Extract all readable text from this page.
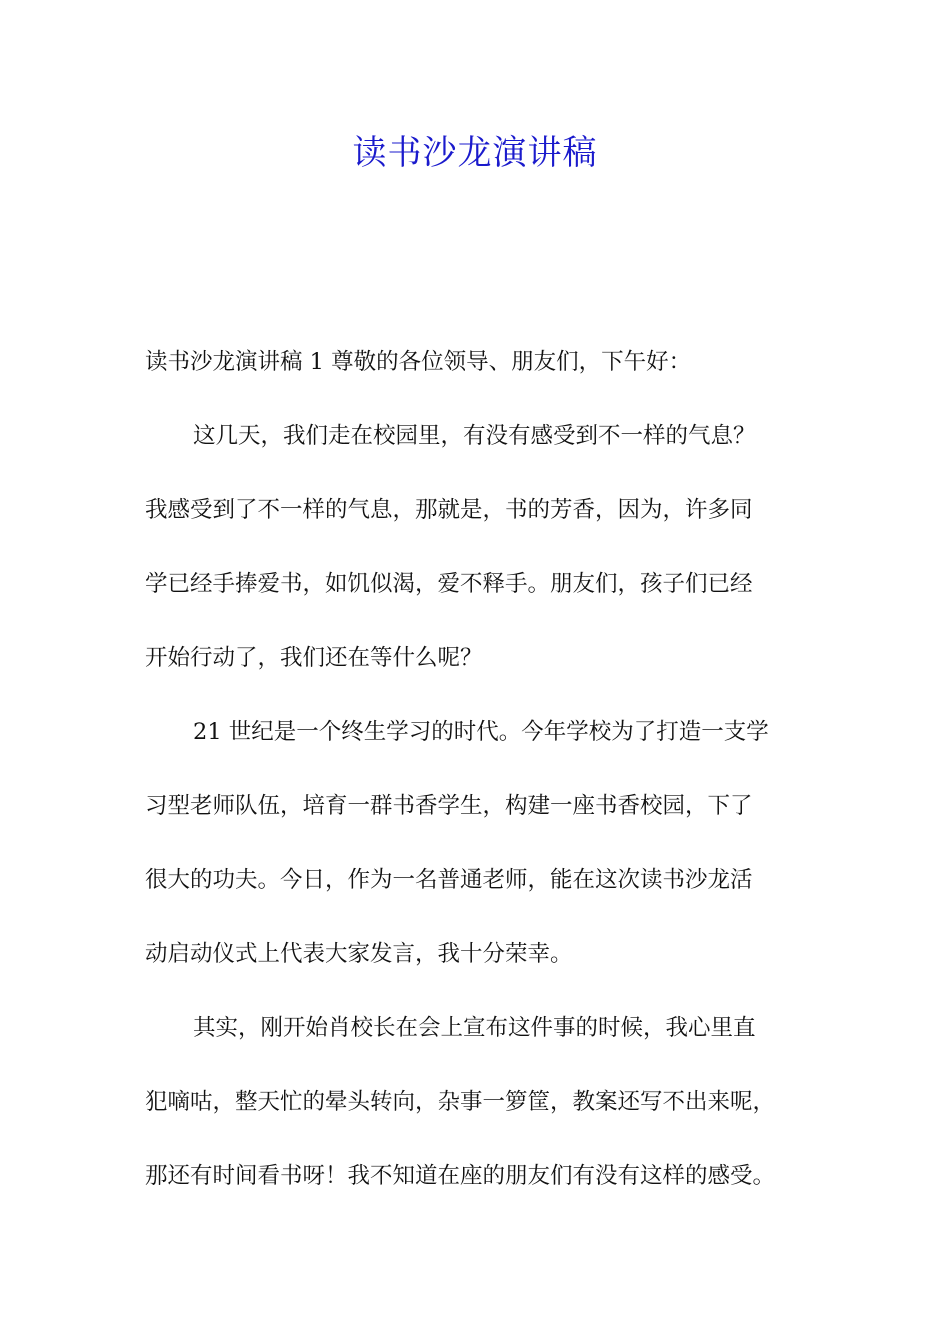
读书沙龙演讲稿
读书沙龙演讲稿 1 尊敬的各位领导、朋友们，下午好：
这几天，我们走在校园里，有没有感受到不一样的气息？
我感受到了不一样的气息，那就是，书的芳香，因为，许多同
学已经手捧爱书，如饥似渴，爱不释手。朋友们，孩子们已经
开始行动了，我们还在等什么呢？
21 世纪是一个终生学习的时代。今年学校为了打造一支学
习型老师队伍，培育一群书香学生，构建一座书香校园，下了
很大的功夫。今日，作为一名普通老师，能在这次读书沙龙活
动启动仪式上代表大家发言，我十分荣幸。
其实，刚开始肖校长在会上宣布这件事的时候，我心里直
犯嘀咕，整天忙的晕头转向，杂事一箩筐，教案还写不出来呢，
那还有时间看书呀！我不知道在座的朋友们有没有这样的感受。
